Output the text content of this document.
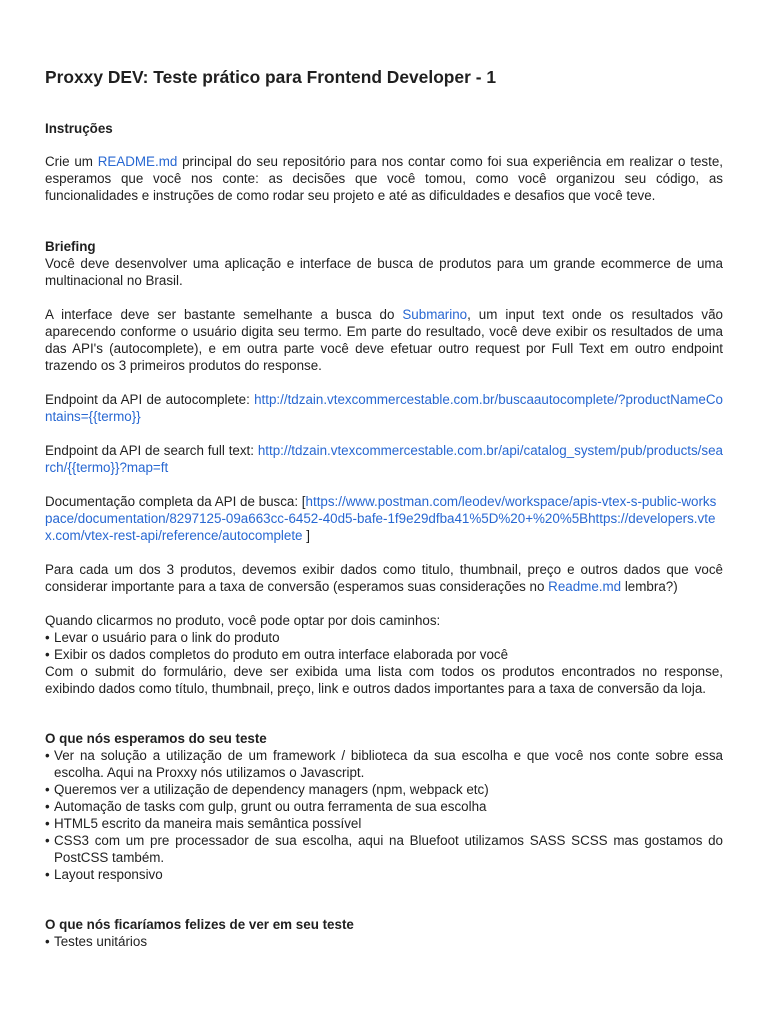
Proxxy DEV: Teste prático para Frontend Developer - 1
Instruções

Crie um README.md principal do seu repositório para nos contar como foi sua experiência em realizar o teste, esperamos que você nos conte: as decisões que você tomou, como você organizou seu código, as funcionalidades e instruções de como rodar seu projeto e até as dificuldades e desafios que você teve.

Briefing

Você deve desenvolver uma aplicação e interface de busca de produtos para um grande ecommerce de uma multinacional no Brasil.

A interface deve ser bastante semelhante a busca do Submarino, um input text onde os resultados vão aparecendo conforme o usuário digita seu termo. Em parte do resultado, você deve exibir os resultados de uma das API's (autocomplete), e em outra parte você deve efetuar outro request por Full Text em outro endpoint trazendo os 3 primeiros produtos do response.

Endpoint da API de autocomplete: http://tdzain.vtexcommercestable.com.br/buscaautocomplete/?productNameContains={{termo}}

Endpoint da API de search full text: http://tdzain.vtexcommercestable.com.br/api/catalog_system/pub/products/search/{{termo}}?map=ft

Documentação completa da API de busca: [https://www.postman.com/leodev/workspace/apis-vtex-s-public-workspace/documentation/8297125-09a663cc-6452-40d5-bafe-1f9e29dfba41%5D%20+%20%5Bhttps://developers.vtex.com/vtex-rest-api/reference/autocomplete ]

Para cada um dos 3 produtos, devemos exibir dados como titulo, thumbnail, preço e outros dados que você considerar importante para a taxa de conversão (esperamos suas considerações no Readme.md lembra?)

Quando clicarmos no produto, você pode optar por dois caminhos:

• Levar o usuário para o link do produto
• Exibir os dados completos do produto em outra interface elaborada por você

Com o submit do formulário, deve ser exibida uma lista com todos os produtos encontrados no response, exibindo dados como título, thumbnail, preço, link e outros dados importantes para a taxa de conversão da loja.

O que nós esperamos do seu teste
• Ver na solução a utilização de um framework / biblioteca da sua escolha e que você nos conte sobre essa escolha. Aqui na Proxxy nós utilizamos o Javascript.
• Queremos ver a utilização de dependency managers (npm, webpack etc)
• Automação de tasks com gulp, grunt ou outra ferramenta de sua escolha
• HTML5 escrito da maneira mais semântica possível
• CSS3 com um pre processador de sua escolha, aqui na Bluefoot utilizamos SASS SCSS mas gostamos do PostCSS também.
• Layout responsivo
O que nós ficaríamos felizes de ver em seu teste
• Testes unitários
